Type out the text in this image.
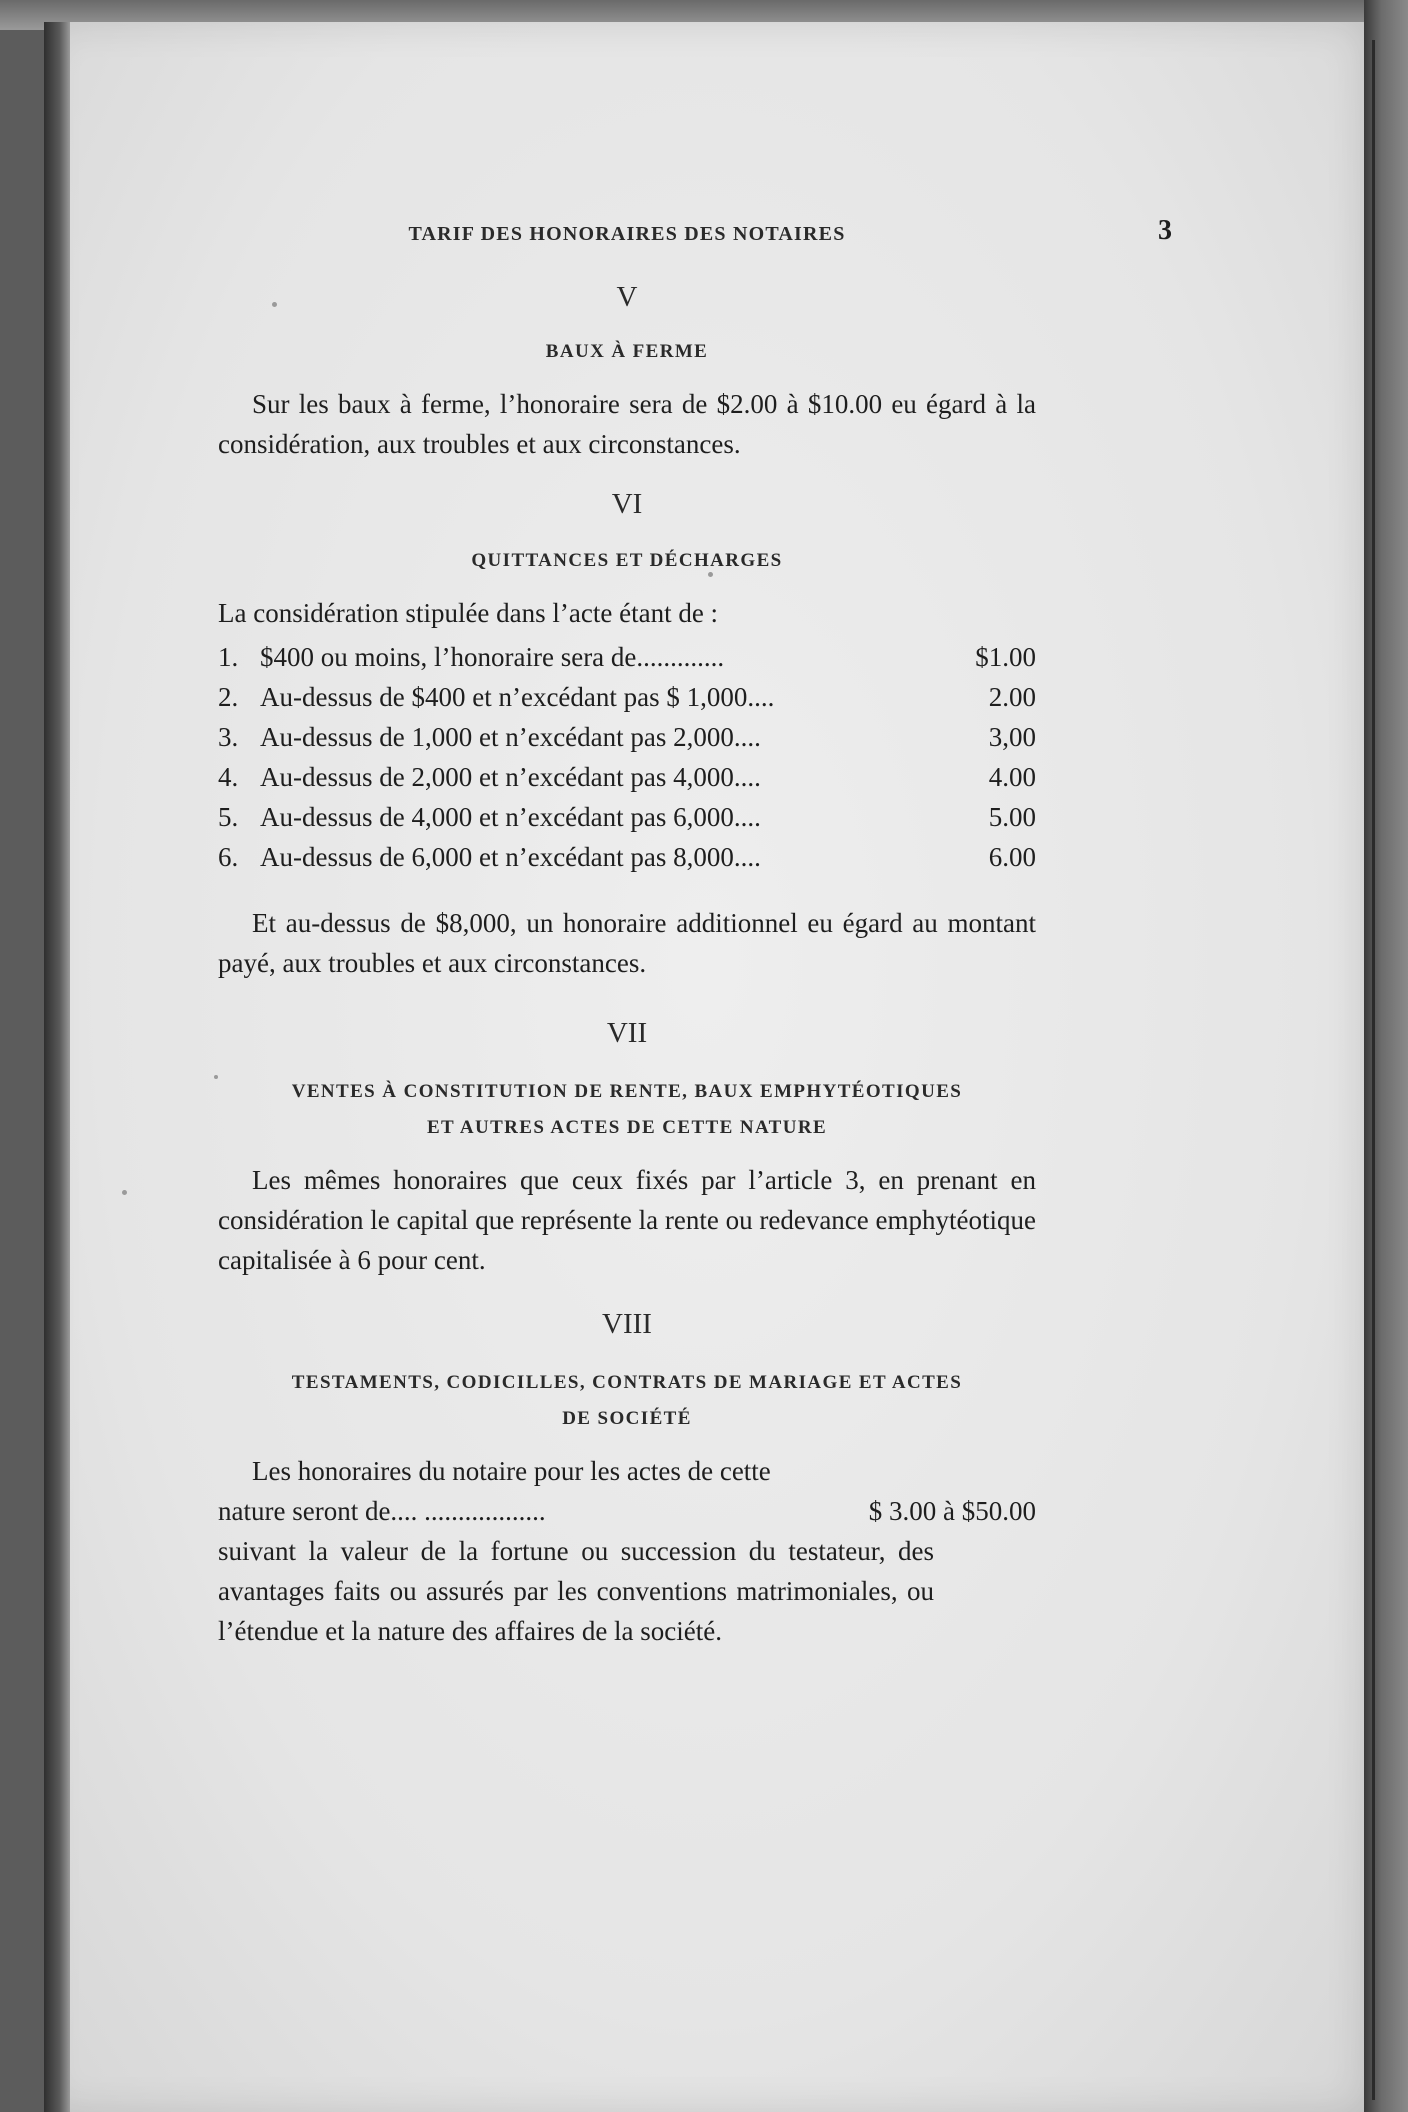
TARIF DES HONORAIRES DES NOTAIRES	3
V
BAUX À FERME

Sur les baux à ferme, l’honoraire sera de $2.00 à $10.00 eu égard à la considération, aux troubles et aux circonstances.

VI
QUITTANCES ET DÉCHARGES

La considération stipulée dans l’acte étant de :

1. $400 ou moins, l’honoraire sera de.............	$1.00
2. Au-dessus de $400 et n’excédant pas $ 1,000....	2.00
3. Au-dessus de 1,000 et n’excédant pas 2,000....	3,00
4. Au-dessus de 2,000 et n’excédant pas 4,000....	4.00
5. Au-dessus de 4,000 et n’excédant pas 6,000....	5.00
6. Au-dessus de 6,000 et n’excédant pas 8,000....	6.00

Et au-dessus de $8,000, un honoraire additionnel eu égard au montant payé, aux troubles et aux circonstances.

VII
VENTES À CONSTITUTION DE RENTE, BAUX EMPHYTÉOTIQUES
ET AUTRES ACTES DE CETTE NATURE

Les mêmes honoraires que ceux fixés par l’article 3, en prenant en considération le capital que représente la rente ou redevance emphytéotique capitalisée à 6 pour cent.

VIII
TESTAMENTS, CODICILLES, CONTRATS DE MARIAGE ET ACTES
DE SOCIÉTÉ

Les honoraires du notaire pour les actes de cette

nature seront de.... ..................	$ 3.00 à $50.00

suivant la valeur de la fortune ou succession du testateur, des avantages faits ou assurés par les conventions matrimoniales, ou l’étendue et la nature des affaires de la société.
